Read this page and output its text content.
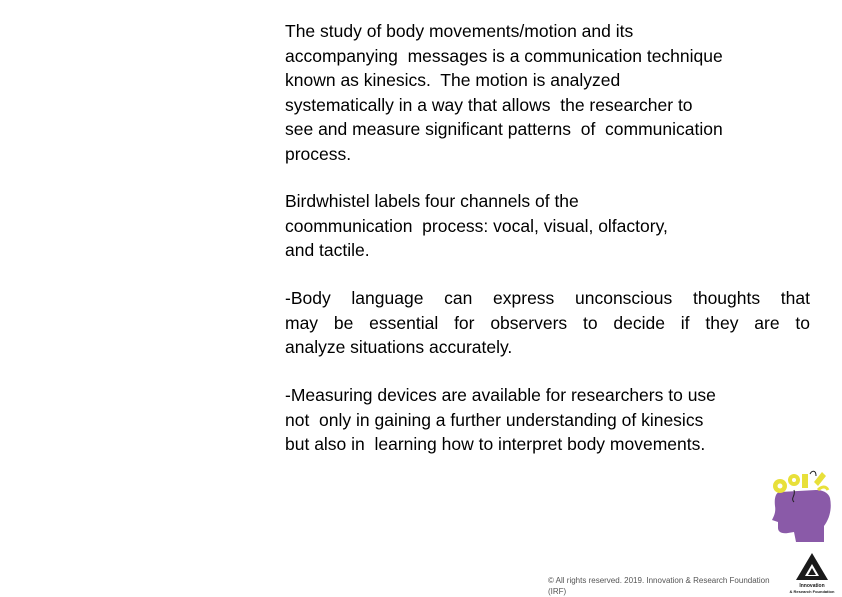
The study of body movements/motion and its
accompanying  messages is a communication technique
known as kinesics.  The motion is analyzed
systematically in a way that allows  the researcher to
see and measure significant patterns  of  communication
process.
Birdwhistel labels four channels of the
coommunication  process: vocal, visual, olfactory,
and tactile.
-Body language can express unconscious thoughts that
may be essential for observers to decide if they are to
analyze situations accurately.
-Measuring devices are available for researchers to use
not  only in gaining a further understanding of kinesics
but also in  learning how to interpret body movements.
Innovation
& Research Foundation

© All rights reserved. 2019. Innovation & Research Foundation
(IRF)
